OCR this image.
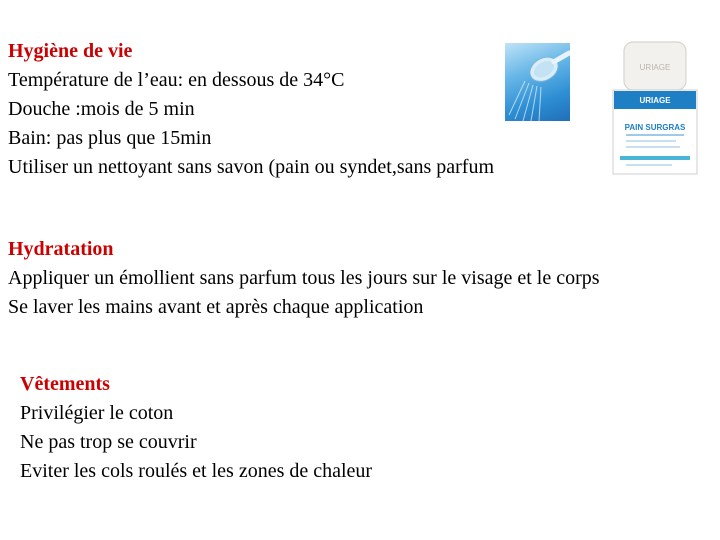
Hygiène de vie
Température de l’eau: en dessous de 34°C
Douche :mois de 5 min
Bain: pas plus que 15min
Utiliser un nettoyant sans savon (pain ou syndet,sans parfum
Hydratation
Appliquer un émollient sans parfum tous les jours sur le visage et le corps
Se laver les mains avant et après chaque application
Vêtements
Privilégier le coton
Ne pas trop se couvrir
Eviter les cols roulés et les zones de chaleur
URIAGE
URIAGE
PAIN SURGRAS
